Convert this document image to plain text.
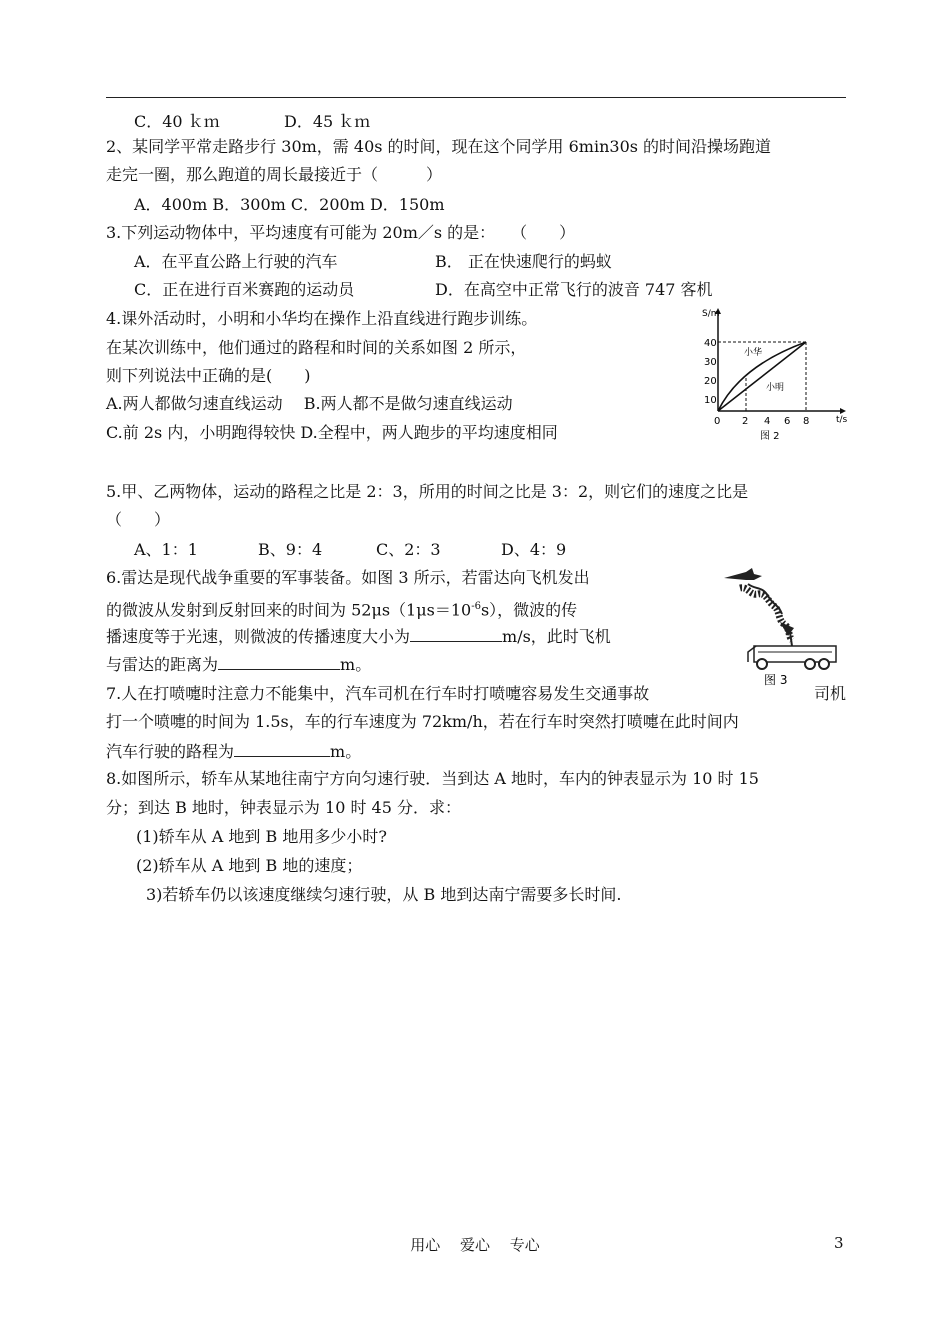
C．40 ｋｍ	D．45 ｋｍ
2、某同学平常走路步行 30m，需 40s 的时间，现在这个同学用 6min30s 的时间沿操场跑道
走完一圈，那么跑道的周长最接近于（　　　）
A．400m B．300m C．200m D．150m
3.下列运动物体中，平均速度有可能为 20m／s 的是：　　（　　）
A．在平直公路上行驶的汽车	B． 正在快速爬行的蚂蚁
C．正在进行百米赛跑的运动员	D．在高空中正常飞行的波音 747 客机
4.课外活动时，小明和小华均在操作上沿直线进行跑步训练。
在某次训练中，他们通过的路程和时间的关系如图 2 所示，
则下列说法中正确的是(　　)
A.两人都做匀速直线运动　 B.两人都不是做匀速直线运动
C.前 2s 内，小明跑得较快 D.全程中，两人跑步的平均速度相同
S/m
t/s
40
30
20
10
0 2 4 6 8
小华
小明
图 2
5.甲、乙两物体，运动的路程之比是 2：3，所用的时间之比是 3：2，则它们的速度之比是
（　　）
A、1：1	B、9：4	C、2：3	D、4：9
6.雷达是现代战争重要的军事装备。如图 3 所示，若雷达向飞机发出
的微波从发射到反射回来的时间为 $52\mu s(1\mu s=10^{-6}s)$，微波的传
播速度等于光速，则微波的传播速度大小为	m/s，此时飞机
与雷达的距离为	m。
图 3
7.人在打喷嚏时注意力不能集中，汽车司机在行车时打喷嚏容易发生交通事故	司机
打一个喷嚏的时间为 1.5s，车的行车速度为 72km/h，若在行车时突然打喷嚏在此时间内
汽车行驶的路程为	m。
8.如图所示，轿车从某地往南宁方向匀速行驶．当到达 A 地时，车内的钟表显示为 10 时 15
分；到达 B 地时，钟表显示为 10 时 45 分．求：
(1)轿车从 A 地到 B 地用多少小时?
(2)轿车从 A 地到 B 地的速度；
3)若轿车仍以该速度继续匀速行驶，从 B 地到达南宁需要多长时间.
用心　 爱心　 专心	3
